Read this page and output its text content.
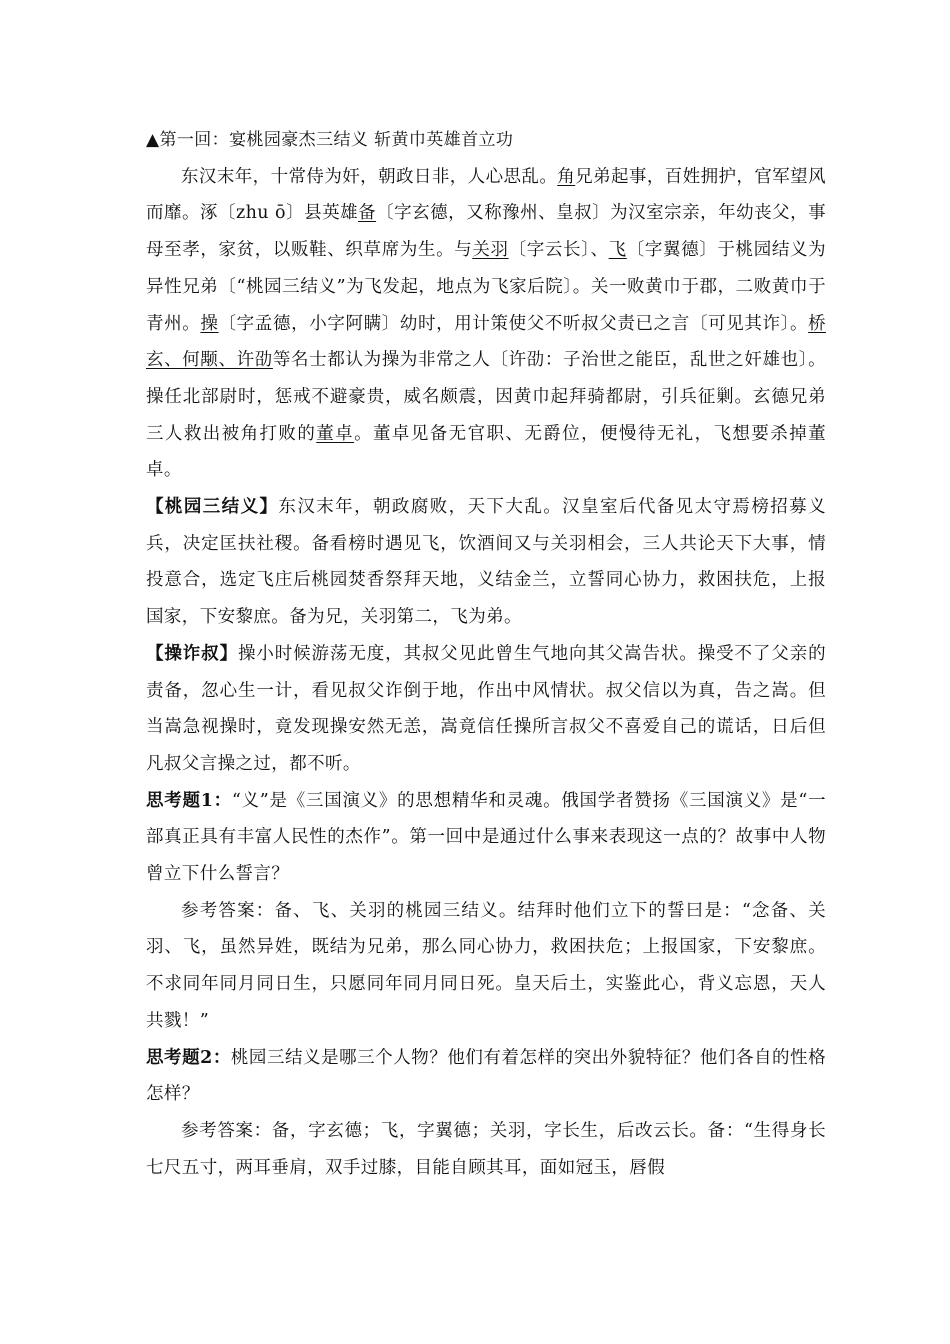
▲第一回：宴桃园豪杰三结义 斩黄巾英雄首立功

东汉末年，十常侍为奸，朝政日非，人心思乱。角兄弟起事，百姓拥护，官军望风而靡。涿〔zhu ō〕县英雄备〔字玄德，又称豫州、皇叔〕为汉室宗亲，年幼丧父，事母至孝，家贫，以贩鞋、织草席为生。与关羽〔字云长〕、飞〔字翼德〕于桃园结义为异性兄弟〔“桃园三结义”为飞发起，地点为飞家后院〕。关一败黄巾于郡，二败黄巾于青州。操〔字孟德，小字阿瞒〕幼时，用计策使父不听叔父责已之言〔可见其诈〕。桥玄、何颙、许劭等名士都认为操为非常之人〔许劭：子治世之能臣，乱世之奸雄也〕。操任北部尉时，惩戒不避豪贵，威名颇震，因黄巾起拜骑都尉，引兵征剿。玄德兄弟三人救出被角打败的董卓。董卓见备无官职、无爵位，便慢待无礼，飞想要杀掉董卓。

【桃园三结义】东汉末年，朝政腐败，天下大乱。汉皇室后代备见太守焉榜招募义兵，决定匡扶社稷。备看榜时遇见飞，饮酒间又与关羽相会，三人共论天下大事，情投意合，选定飞庄后桃园焚香祭拜天地，义结金兰，立誓同心协力，救困扶危，上报国家，下安黎庶。备为兄，关羽第二，飞为弟。

【操诈叔】操小时候游荡无度，其叔父见此曾生气地向其父嵩告状。操受不了父亲的责备，忽心生一计，看见叔父诈倒于地，作出中风情状。叔父信以为真，告之嵩。但当嵩急视操时，竟发现操安然无恙，嵩竟信任操所言叔父不喜爱自己的谎话，日后但凡叔父言操之过，都不听。

思考题1：“义”是《三国演义》的思想精华和灵魂。俄国学者赞扬《三国演义》是“一部真正具有丰富人民性的杰作”。第一回中是通过什么事来表现这一点的？故事中人物曾立下什么誓言？

参考答案：备、飞、关羽的桃园三结义。结拜时他们立下的誓曰是：“念备、关羽、飞，虽然异姓，既结为兄弟，那么同心协力，救困扶危；上报国家，下安黎庶。不求同年同月同日生，只愿同年同月同日死。皇天后土，实鉴此心，背义忘恩，天人共戮！”

思考题2：桃园三结义是哪三个人物？他们有着怎样的突出外貌特征？他们各自的性格怎样？

参考答案：备，字玄德；飞，字翼德；关羽，字长生，后改云长。备：“生得身长七尺五寸，两耳垂肩，双手过膝，目能自顾其耳，面如冠玉，唇假
